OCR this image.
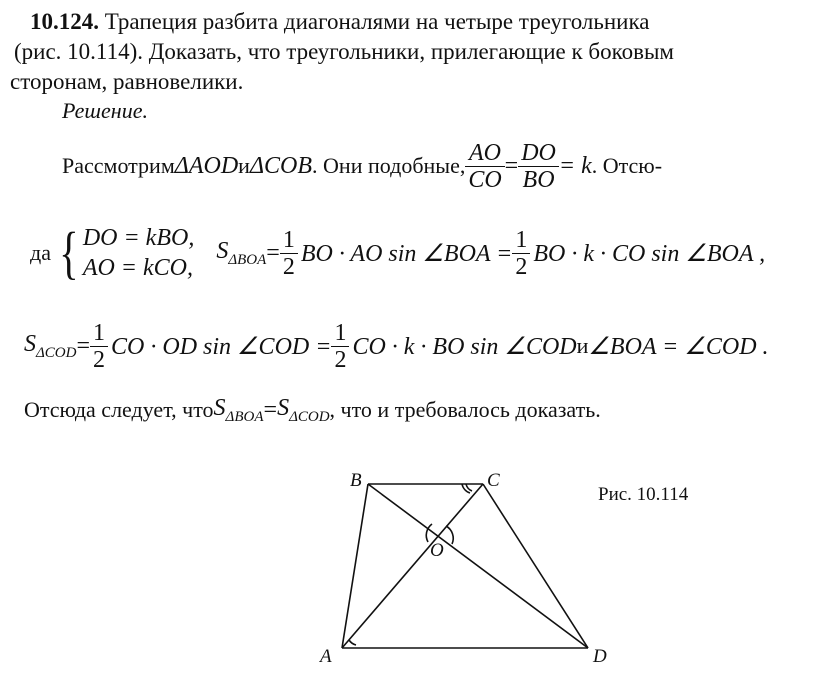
10.124. Трапеция разбита диагоналями на четыре треугольника
(рис. 10.114). Доказать, что треугольники, прилегающие к боковым
сторонам, равновелики.
Решение.
Рассмотрим ΔAOD и ΔCOB . Они подобные, $\frac{AO}{CO} = \frac{DO}{BO} = k$ . Отсю-
да { DO = kBO,
AO = kCO,
$S_{\Delta BOA} = \frac{1}{2}$ BO · AO sin ∠BOA = $\frac{1}{2}$ BO · k · CO sin ∠BOA ,
$S_{\Delta COD} = \frac{1}{2}$ CO · OD sin ∠COD = $\frac{1}{2}$ CO · k · BO sin ∠COD и ∠BOA = ∠COD .
Отсюда следует, что $S_{\Delta BOA} = S_{\Delta COD}$ , что и требовалось доказать.
B	C
O
A	D
Рис. 10.114
